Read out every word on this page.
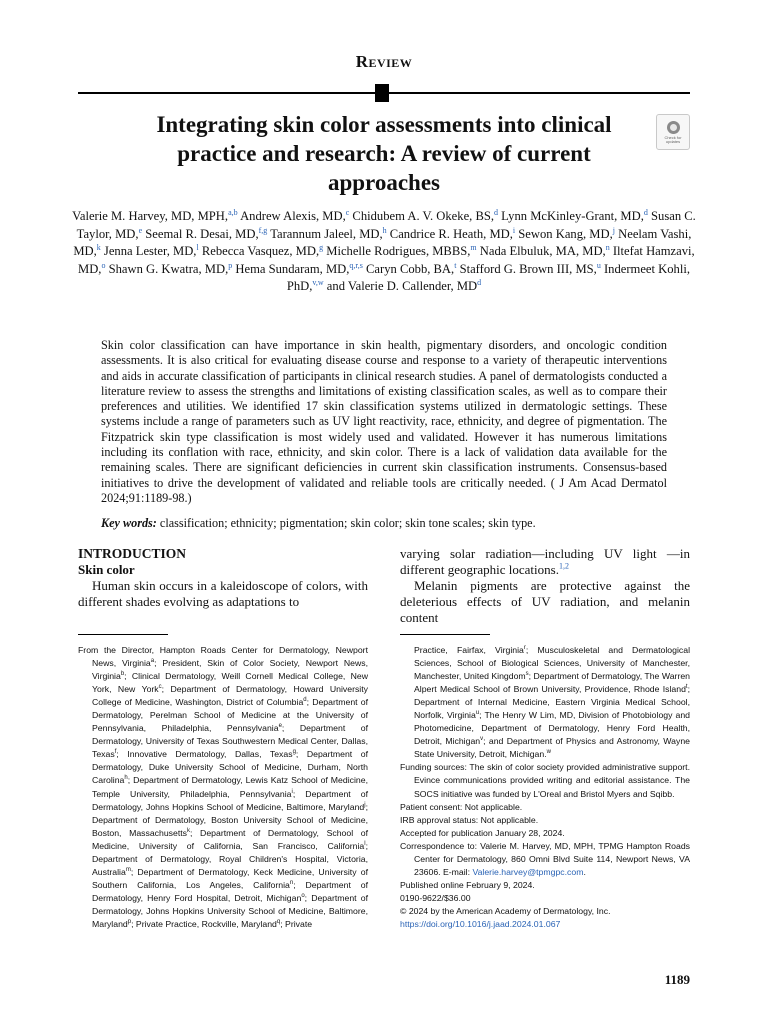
Review
Check for updates
Integrating skin color assessments into clinical practice and research: A review of current approaches
Valerie M. Harvey, MD, MPH,$^{a,b}$ Andrew Alexis, MD,$^c$ Chidubem A. V. Okeke, BS,$^d$ Lynn McKinley-Grant, MD,$^d$ Susan C. Taylor, MD,$^e$ Seemal R. Desai, MD,$^{f,g}$ Tarannum Jaleel, MD,$^h$ Candrice R. Heath, MD,$^i$ Sewon Kang, MD,$^j$ Neelam Vashi, MD,$^k$ Jenna Lester, MD,$^l$ Rebecca Vasquez, MD,$^g$ Michelle Rodrigues, MBBS,$^m$ Nada Elbuluk, MA, MD,$^n$ Iltefat Hamzavi, MD,$^o$ Shawn G. Kwatra, MD,$^p$ Hema Sundaram, MD,$^{q,r,s}$ Caryn Cobb, BA,$^t$ Stafford G. Brown III, MS,$^u$ Indermeet Kohli, PhD,$^{v,w}$ and Valerie D. Callender, $MD^d$
Skin color classification can have importance in skin health, pigmentary disorders, and oncologic condition assessments. It is also critical for evaluating disease course and response to a variety of therapeutic interventions and aids in accurate classification of participants in clinical research studies. A panel of dermatologists conducted a literature review to assess the strengths and limitations of existing classification scales, as well as to compare their preferences and utilities. We identified 17 skin classification systems utilized in dermatologic settings. These systems include a range of parameters such as UV light reactivity, race, ethnicity, and degree of pigmentation. The Fitzpatrick skin type classification is most widely used and validated. However it has numerous limitations including its conflation with race, ethnicity, and skin color. There is a lack of validation data available for the remaining scales. There are significant deficiencies in current skin classification instruments. Consensus-based initiatives to drive the development of validated and reliable tools are critically needed. ( J Am Acad Dermatol 2024;91:1189-98.)
Key words: classification; ethnicity; pigmentation; skin color; skin tone scales; skin type.
INTRODUCTION
Skin color
Human skin occurs in a kaleidoscope of colors, with different shades evolving as adaptations to
varying solar radiation—including UV light —in different geographic locations.$^{1,2}$
Melanin pigments are protective against the deleterious effects of UV radiation, and melanin content
From the Director, Hampton Roads Center for Dermatology, Newport News, Virginia$^a$; President, Skin of Color Society, Newport News, Virginia$^b$; Clinical Dermatology, Weill Cornell Medical College, New York, New York$^c$; Department of Dermatology, Howard University College of Medicine, Washington, District of Columbia$^d$; Department of Dermatology, Perelman School of Medicine at the University of Pennsylvania, Philadelphia, Pennsylvania$^e$; Department of Dermatology, University of Texas Southwestern Medical Center, Dallas, Texas$^f$; Innovative Dermatology, Dallas, Texas$^g$; Department of Dermatology, Duke University School of Medicine, Durham, North Carolina$^h$; Department of Dermatology, Lewis Katz School of Medicine, Temple University, Philadelphia, Pennsylvania$^i$; Department of Dermatology, Johns Hopkins School of Medicine, Baltimore, Maryland$^j$; Department of Dermatology, Boston University School of Medicine, Boston, Massachusetts$^k$; Department of Dermatology, School of Medicine, University of California, San Francisco, California$^l$; Department of Dermatology, Royal Children's Hospital, Victoria, Australia$^m$; Department of Dermatology, Keck Medicine, University of Southern California, Los Angeles, California$^n$; Department of Dermatology, Henry Ford Hospital, Detroit, Michigan$^o$; Department of Dermatology, Johns Hopkins University School of Medicine, Baltimore, Maryland$^p$; Private Practice, Rockville, Maryland$^q$; Private
Practice, Fairfax, Virginia$^r$; Musculoskeletal and Dermatological Sciences, School of Biological Sciences, University of Manchester, Manchester, United Kingdom$^s$; Department of Dermatology, The Warren Alpert Medical School of Brown University, Providence, Rhode Island$^t$; Department of Internal Medicine, Eastern Virginia Medical School, Norfolk, Virginia$^u$; The Henry W Lim, MD, Division of Photobiology and Photomedicine, Department of Dermatology, Henry Ford Health, Detroit, Michigan$^v$; and Department of Physics and Astronomy, Wayne State University, Detroit, Michigan.$^w$
Funding sources: The skin of color society provided administrative support. Evince communications provided writing and editorial assistance. The SOCS initiative was funded by L'Oreal and Bristol Myers and Sqibb.
Patient consent: Not applicable.
IRB approval status: Not applicable.
Accepted for publication January 28, 2024.
Correspondence to: Valerie M. Harvey, MD, MPH, TPMG Hampton Roads Center for Dermatology, 860 Omni Blvd Suite 114, Newport News, VA 23606. E-mail: Valerie.harvey@tpmgpc.com.
Published online February 9, 2024.
0190-9622/$36.00
© 2024 by the American Academy of Dermatology, Inc.
https://doi.org/10.1016/j.jaad.2024.01.067
1189
